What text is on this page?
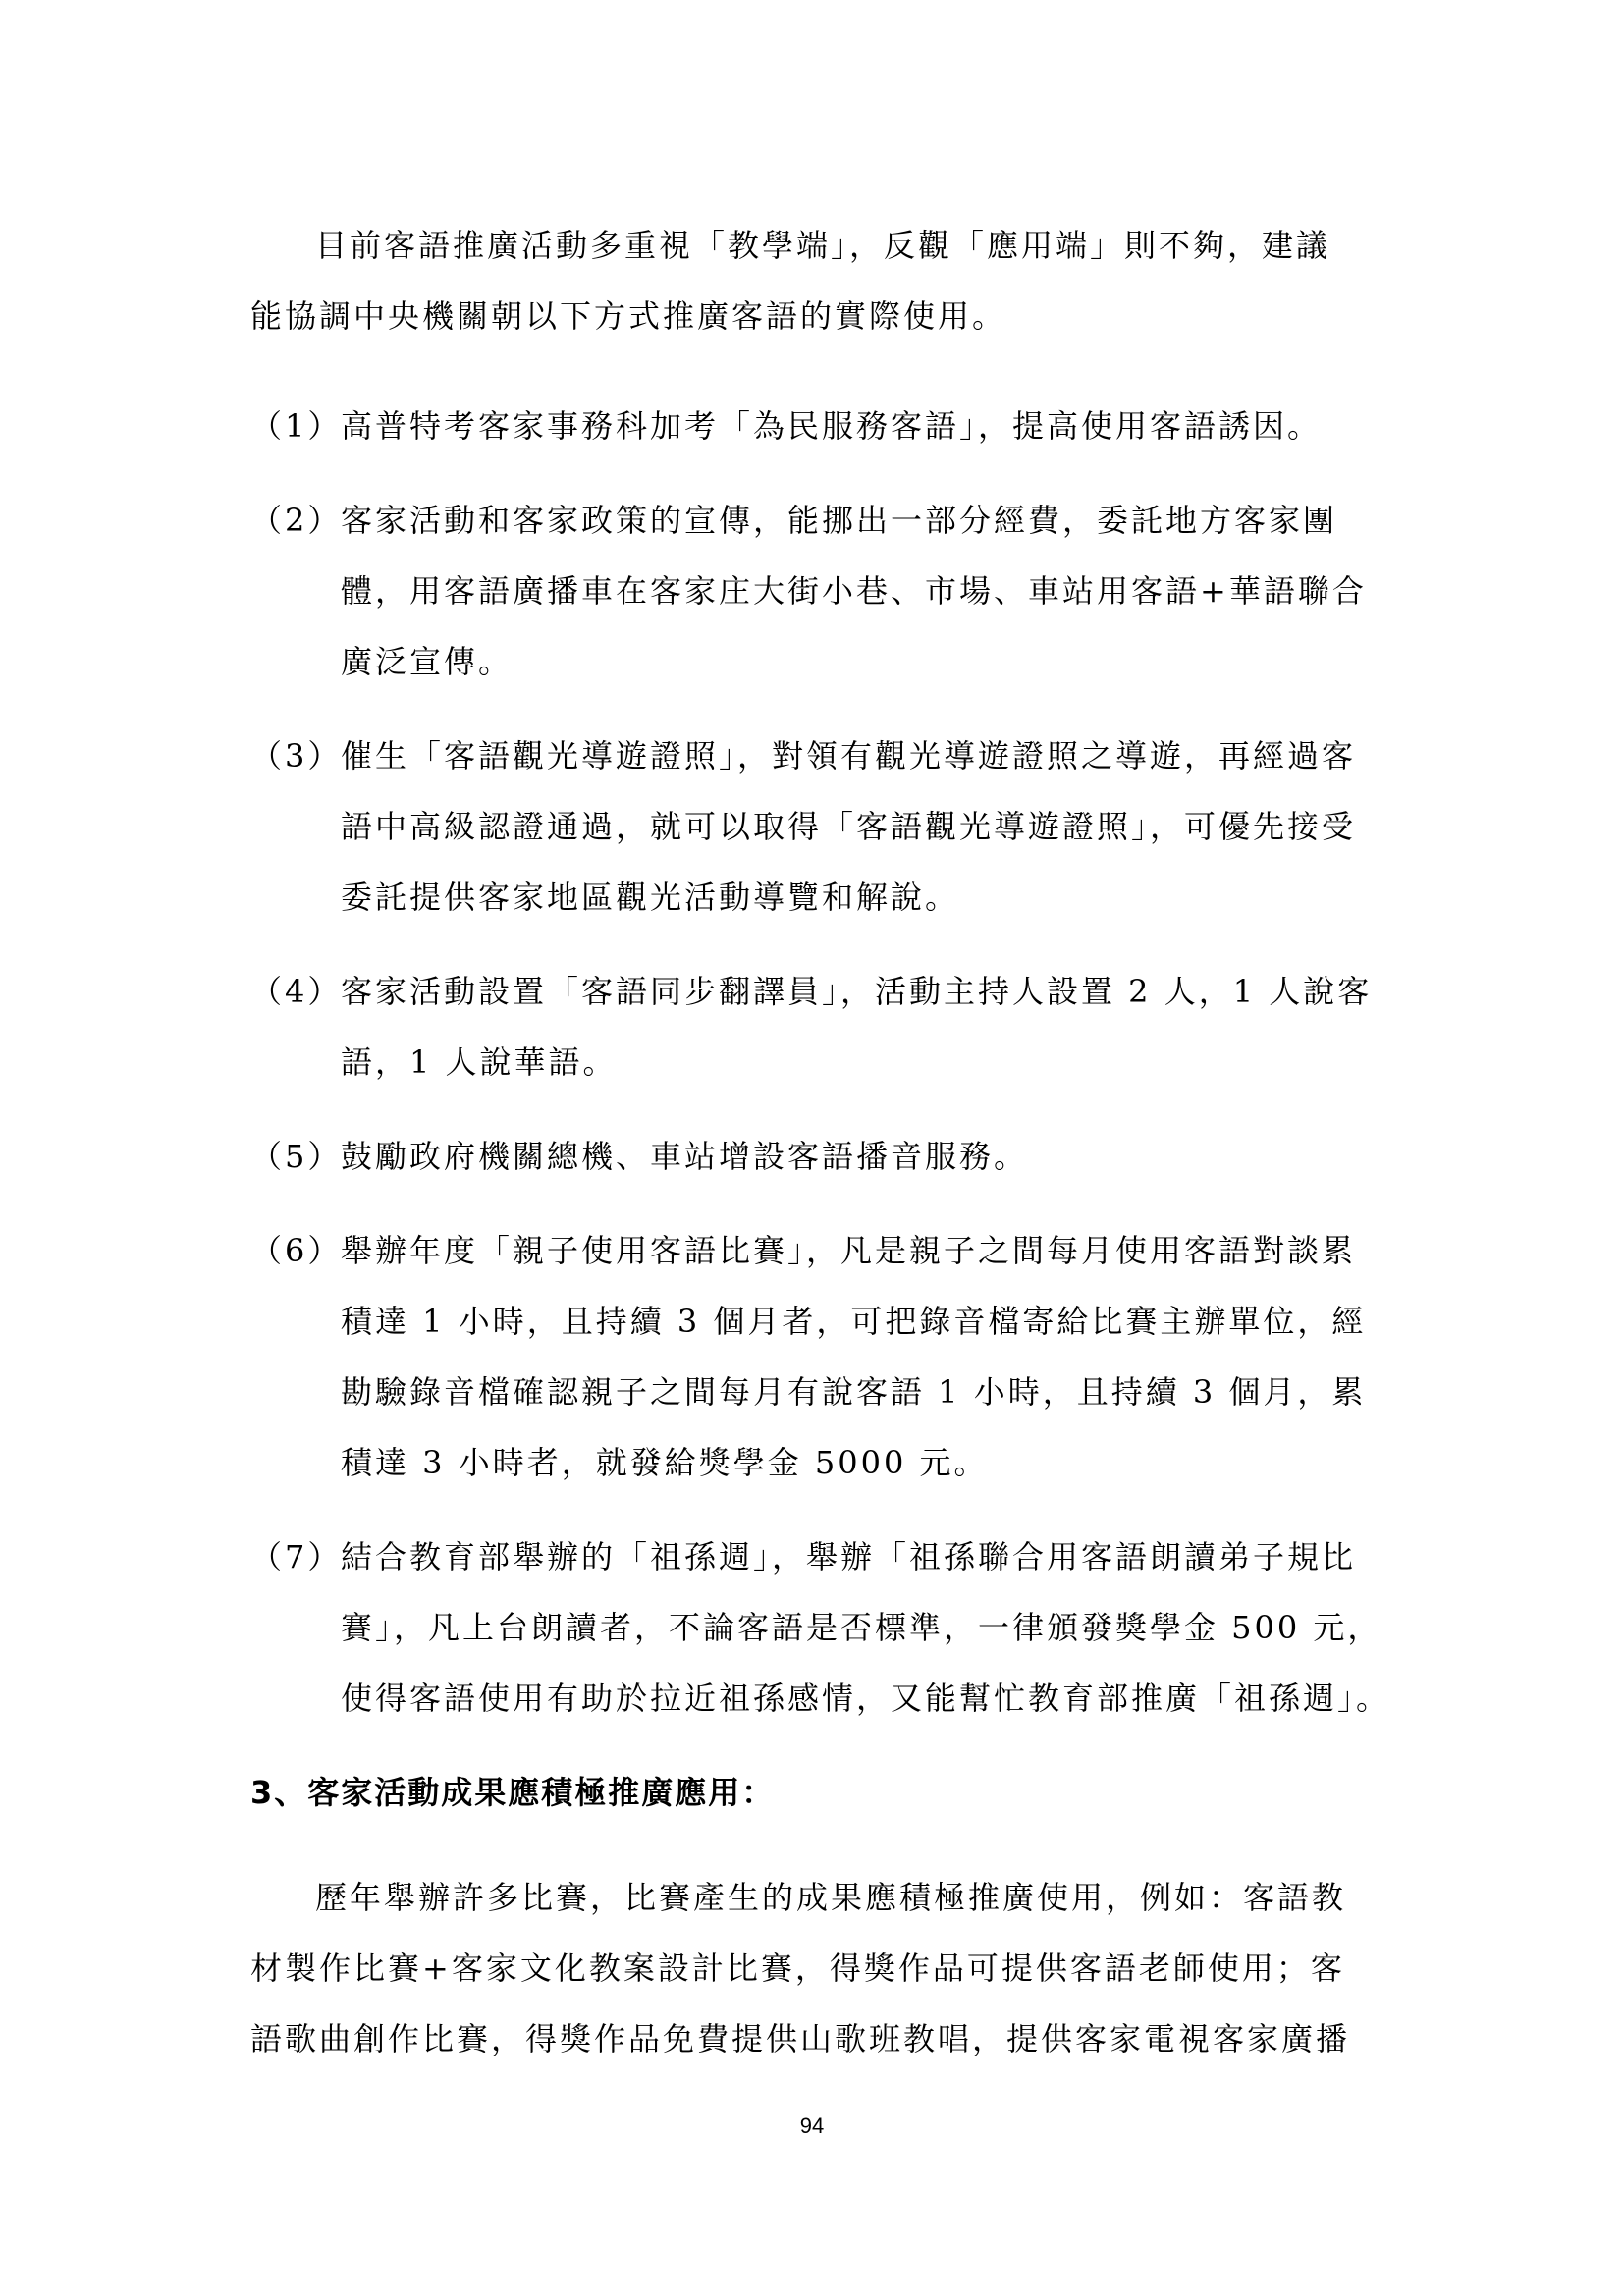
目前客語推廣活動多重視「教學端」，反觀「應用端」則不夠，建議
能協調中央機關朝以下方式推廣客語的實際使用。
（1）
高普特考客家事務科加考「為民服務客語」，提高使用客語誘因。
（2）
客家活動和客家政策的宣傳，能挪出一部分經費，委託地方客家團
體，用客語廣播車在客家庄大街小巷、市場、車站用客語+華語聯合
廣泛宣傳。
（3）
催生「客語觀光導遊證照」，對領有觀光導遊證照之導遊，再經過客
語中高級認證通過，就可以取得「客語觀光導遊證照」，可優先接受
委託提供客家地區觀光活動導覽和解說。
（4）
客家活動設置「客語同步翻譯員」，活動主持人設置 2 人，1 人說客
語，1 人說華語。
（5）
鼓勵政府機關總機、車站增設客語播音服務。
（6）
舉辦年度「親子使用客語比賽」，凡是親子之間每月使用客語對談累
積達 1 小時，且持續 3 個月者，可把錄音檔寄給比賽主辦單位，經
勘驗錄音檔確認親子之間每月有說客語 1 小時，且持續 3 個月，累
積達 3 小時者，就發給獎學金 5000 元。
（7）
結合教育部舉辦的「祖孫週」，舉辦「祖孫聯合用客語朗讀弟子規比
賽」，凡上台朗讀者，不論客語是否標準，一律頒發獎學金 500 元，
使得客語使用有助於拉近祖孫感情，又能幫忙教育部推廣「祖孫週」。
3、客家活動成果應積極推廣應用：
歷年舉辦許多比賽，比賽產生的成果應積極推廣使用，例如：客語教
材製作比賽+客家文化教案設計比賽，得獎作品可提供客語老師使用；客
語歌曲創作比賽，得獎作品免費提供山歌班教唱，提供客家電視客家廣播
94
